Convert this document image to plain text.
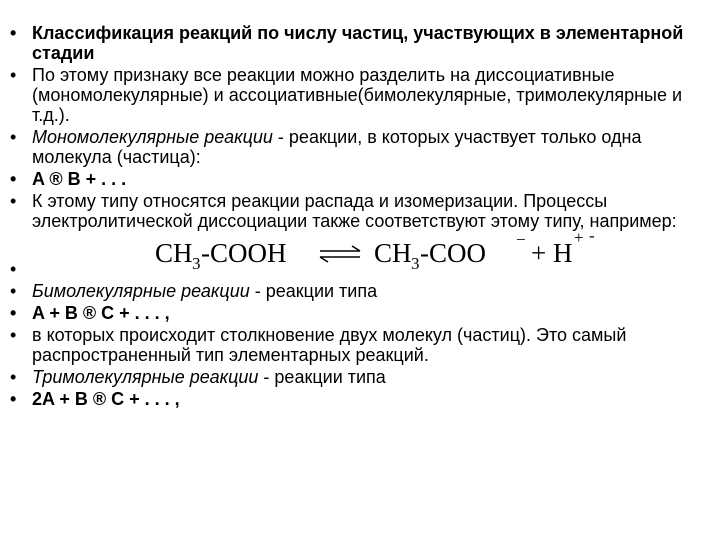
• Классификация реакций по числу частиц, участвующих в элементарной стадии
• По этому признаку все реакции можно разделить на диссоциативные (мономолекулярные) и ассоциативные(бимолекулярные, тримолекулярные и т.д.).
• Мономолекулярные реакции - реакции, в которых участвует только одна молекула (частица):
• A ® B + . . .
• К этому типу относятся реакции распада и изомеризации. Процессы электролитической диссоциации также соответствуют этому типу, например:
•
CH 3 -COOH	CH 3 -COO − + H
+ -
• Бимолекулярные реакции - реакции типа
• A + B ® C + . . . ,
• в которых происходит столкновение двух молекул (частиц). Это самый распространенный тип элементарных реакций.
• Тримолекулярные реакции - реакции типа
• 2A + B ® C + . . . ,
